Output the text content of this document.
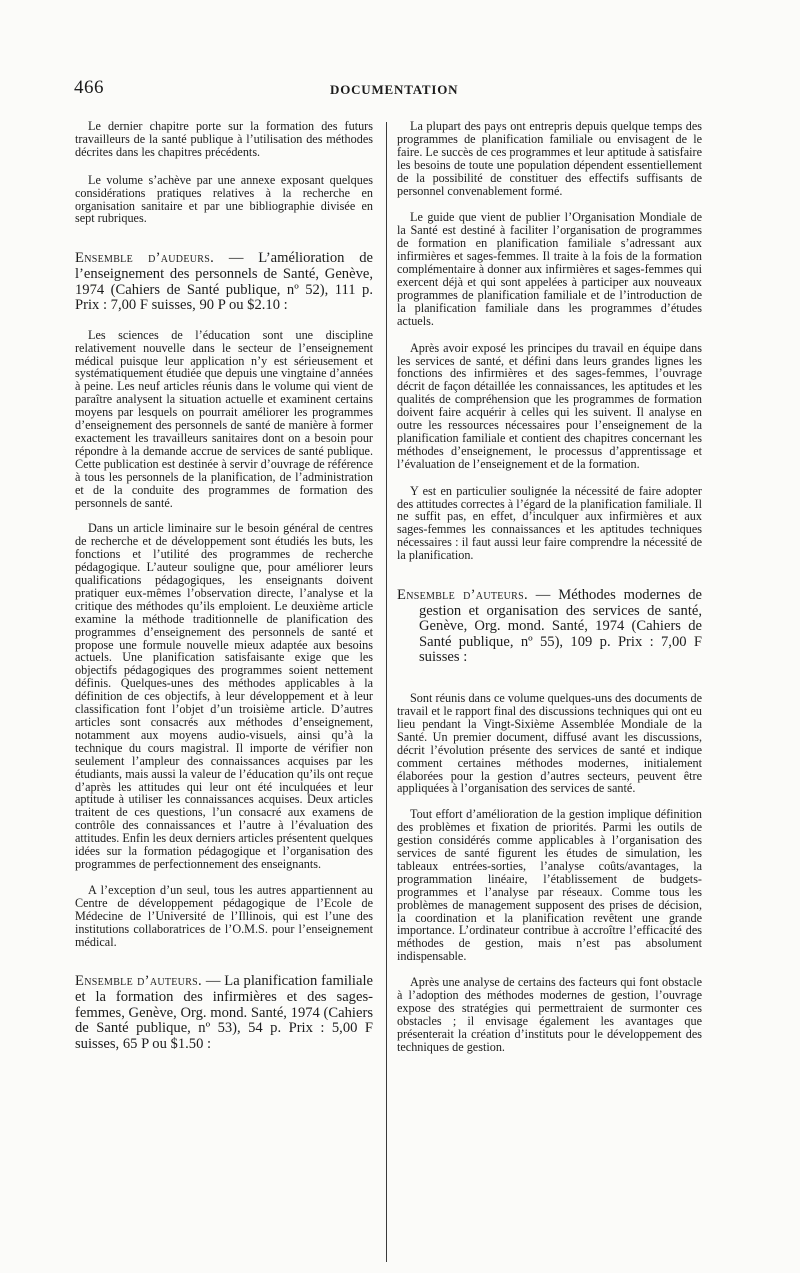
466	DOCUMENTATION

Le dernier chapitre porte sur la formation des futurs travailleurs de la santé publique à l’utilisation des méthodes décrites dans les chapitres précédents.

Le volume s’achève par une annexe exposant quelques considérations pratiques relatives à la recherche en organisation sanitaire et par une bibliographie divisée en sept rubriques.

Ensemble d’audeurs. — L’amélioration de l’enseignement des personnels de Santé, Genève, 1974 (Cahiers de Santé publique, nº 52), 111 p. Prix : 7,00 F suisses, 90 P ou $2.10 :

Les sciences de l’éducation sont une discipline relativement nouvelle dans le secteur de l’enseignement médical puisque leur application n’y est sérieusement et systématiquement étudiée que depuis une vingtaine d’années à peine. Les neuf articles réunis dans le volume qui vient de paraître analysent la situation actuelle et examinent certains moyens par lesquels on pourrait améliorer les programmes d’enseignement des personnels de santé de manière à former exactement les travailleurs sanitaires dont on a besoin pour répondre à la demande accrue de services de santé publique. Cette publication est destinée à servir d’ouvrage de référence à tous les personnels de la planification, de l’administration et de la conduite des programmes de formation des personnels de santé.

Dans un article liminaire sur le besoin général de centres de recherche et de développement sont étudiés les buts, les fonctions et l’utilité des programmes de recherche pédagogique. L’auteur souligne que, pour améliorer leurs qualifications pédagogiques, les enseignants doivent pratiquer eux-mêmes l’observation directe, l’analyse et la critique des méthodes qu’ils emploient. Le deuxième article examine la méthode traditionnelle de planification des programmes d’enseignement des personnels de santé et propose une formule nouvelle mieux adaptée aux besoins actuels. Une planification satisfaisante exige que les objectifs pédagogiques des programmes soient nettement définis. Quelques-unes des méthodes applicables à la définition de ces objectifs, à leur développement et à leur classification font l’objet d’un troisième article. D’autres articles sont consacrés aux méthodes d’enseignement, notamment aux moyens audio-visuels, ainsi qu’à la technique du cours magistral. Il importe de vérifier non seulement l’ampleur des connaissances acquises par les étudiants, mais aussi la valeur de l’éducation qu’ils ont reçue d’après les attitudes qui leur ont été inculquées et leur aptitude à utiliser les connaissances acquises. Deux articles traitent de ces questions, l’un consacré aux examens de contrôle des connaissances et l’autre à l’évaluation des attitudes. Enfin les deux derniers articles présentent quelques idées sur la formation pédagogique et l’organisation des programmes de perfectionnement des enseignants.

A l’exception d’un seul, tous les autres appartiennent au Centre de développement pédagogique de l’Ecole de Médecine de l’Université de l’Illinois, qui est l’une des institutions collaboratrices de l’O.M.S. pour l’enseignement médical.

Ensemble d’auteurs. — La planification familiale et la formation des infirmières et des sages-femmes, Genève, Org. mond. Santé, 1974 (Cahiers de Santé publique, nº 53), 54 p. Prix : 5,00 F suisses, 65 P ou $1.50 :

La plupart des pays ont entrepris depuis quelque temps des programmes de planification familiale ou envisagent de le faire. Le succès de ces programmes et leur aptitude à satisfaire les besoins de toute une population dépendent essentiellement de la possibilité de constituer des effectifs suffisants de personnel convenablement formé.

Le guide que vient de publier l’Organisation Mondiale de la Santé est destiné à faciliter l’organisation de programmes de formation en planification familiale s’adressant aux infirmières et sages-femmes. Il traite à la fois de la formation complémentaire à donner aux infirmières et sages-femmes qui exercent déjà et qui sont appelées à participer aux nouveaux programmes de planification familiale et de l’introduction de la planification familiale dans les programmes d’études actuels.

Après avoir exposé les principes du travail en équipe dans les services de santé, et défini dans leurs grandes lignes les fonctions des infirmières et des sages-femmes, l’ouvrage décrit de façon détaillée les connaissances, les aptitudes et les qualités de compréhension que les programmes de formation doivent faire acquérir à celles qui les suivent. Il analyse en outre les ressources nécessaires pour l’enseignement de la planification familiale et contient des chapitres concernant les méthodes d’enseignement, le processus d’apprentissage et l’évaluation de l’enseignement et de la formation.

Y est en particulier soulignée la nécessité de faire adopter des attitudes correctes à l’égard de la planification familiale. Il ne suffit pas, en effet, d’inculquer aux infirmières et aux sages-femmes les connaissances et les aptitudes techniques nécessaires : il faut aussi leur faire comprendre la nécessité de la planification.

Ensemble d’auteurs. — Méthodes modernes de gestion et organisation des services de santé, Genève, Org. mond. Santé, 1974 (Cahiers de Santé publique, nº 55), 109 p. Prix : 7,00 F suisses :

Sont réunis dans ce volume quelques-uns des documents de travail et le rapport final des discussions techniques qui ont eu lieu pendant la Vingt-Sixième Assemblée Mondiale de la Santé. Un premier document, diffusé avant les discussions, décrit l’évolution présente des services de santé et indique comment certaines méthodes modernes, initialement élaborées pour la gestion d’autres secteurs, peuvent être appliquées à l’organisation des services de santé.

Tout effort d’amélioration de la gestion implique définition des problèmes et fixation de priorités. Parmi les outils de gestion considérés comme applicables à l’organisation des services de santé figurent les études de simulation, les tableaux entrées-sorties, l’analyse coûts/avantages, la programmation linéaire, l’établissement de budgets-programmes et l’analyse par réseaux. Comme tous les problèmes de management supposent des prises de décision, la coordination et la planification revêtent une grande importance. L’ordinateur contribue à accroître l’efficacité des méthodes de gestion, mais n’est pas absolument indispensable.

Après une analyse de certains des facteurs qui font obstacle à l’adoption des méthodes modernes de gestion, l’ouvrage expose des stratégies qui permettraient de surmonter ces obstacles ; il envisage également les avantages que présenterait la création d’instituts pour le développement des techniques de gestion.
